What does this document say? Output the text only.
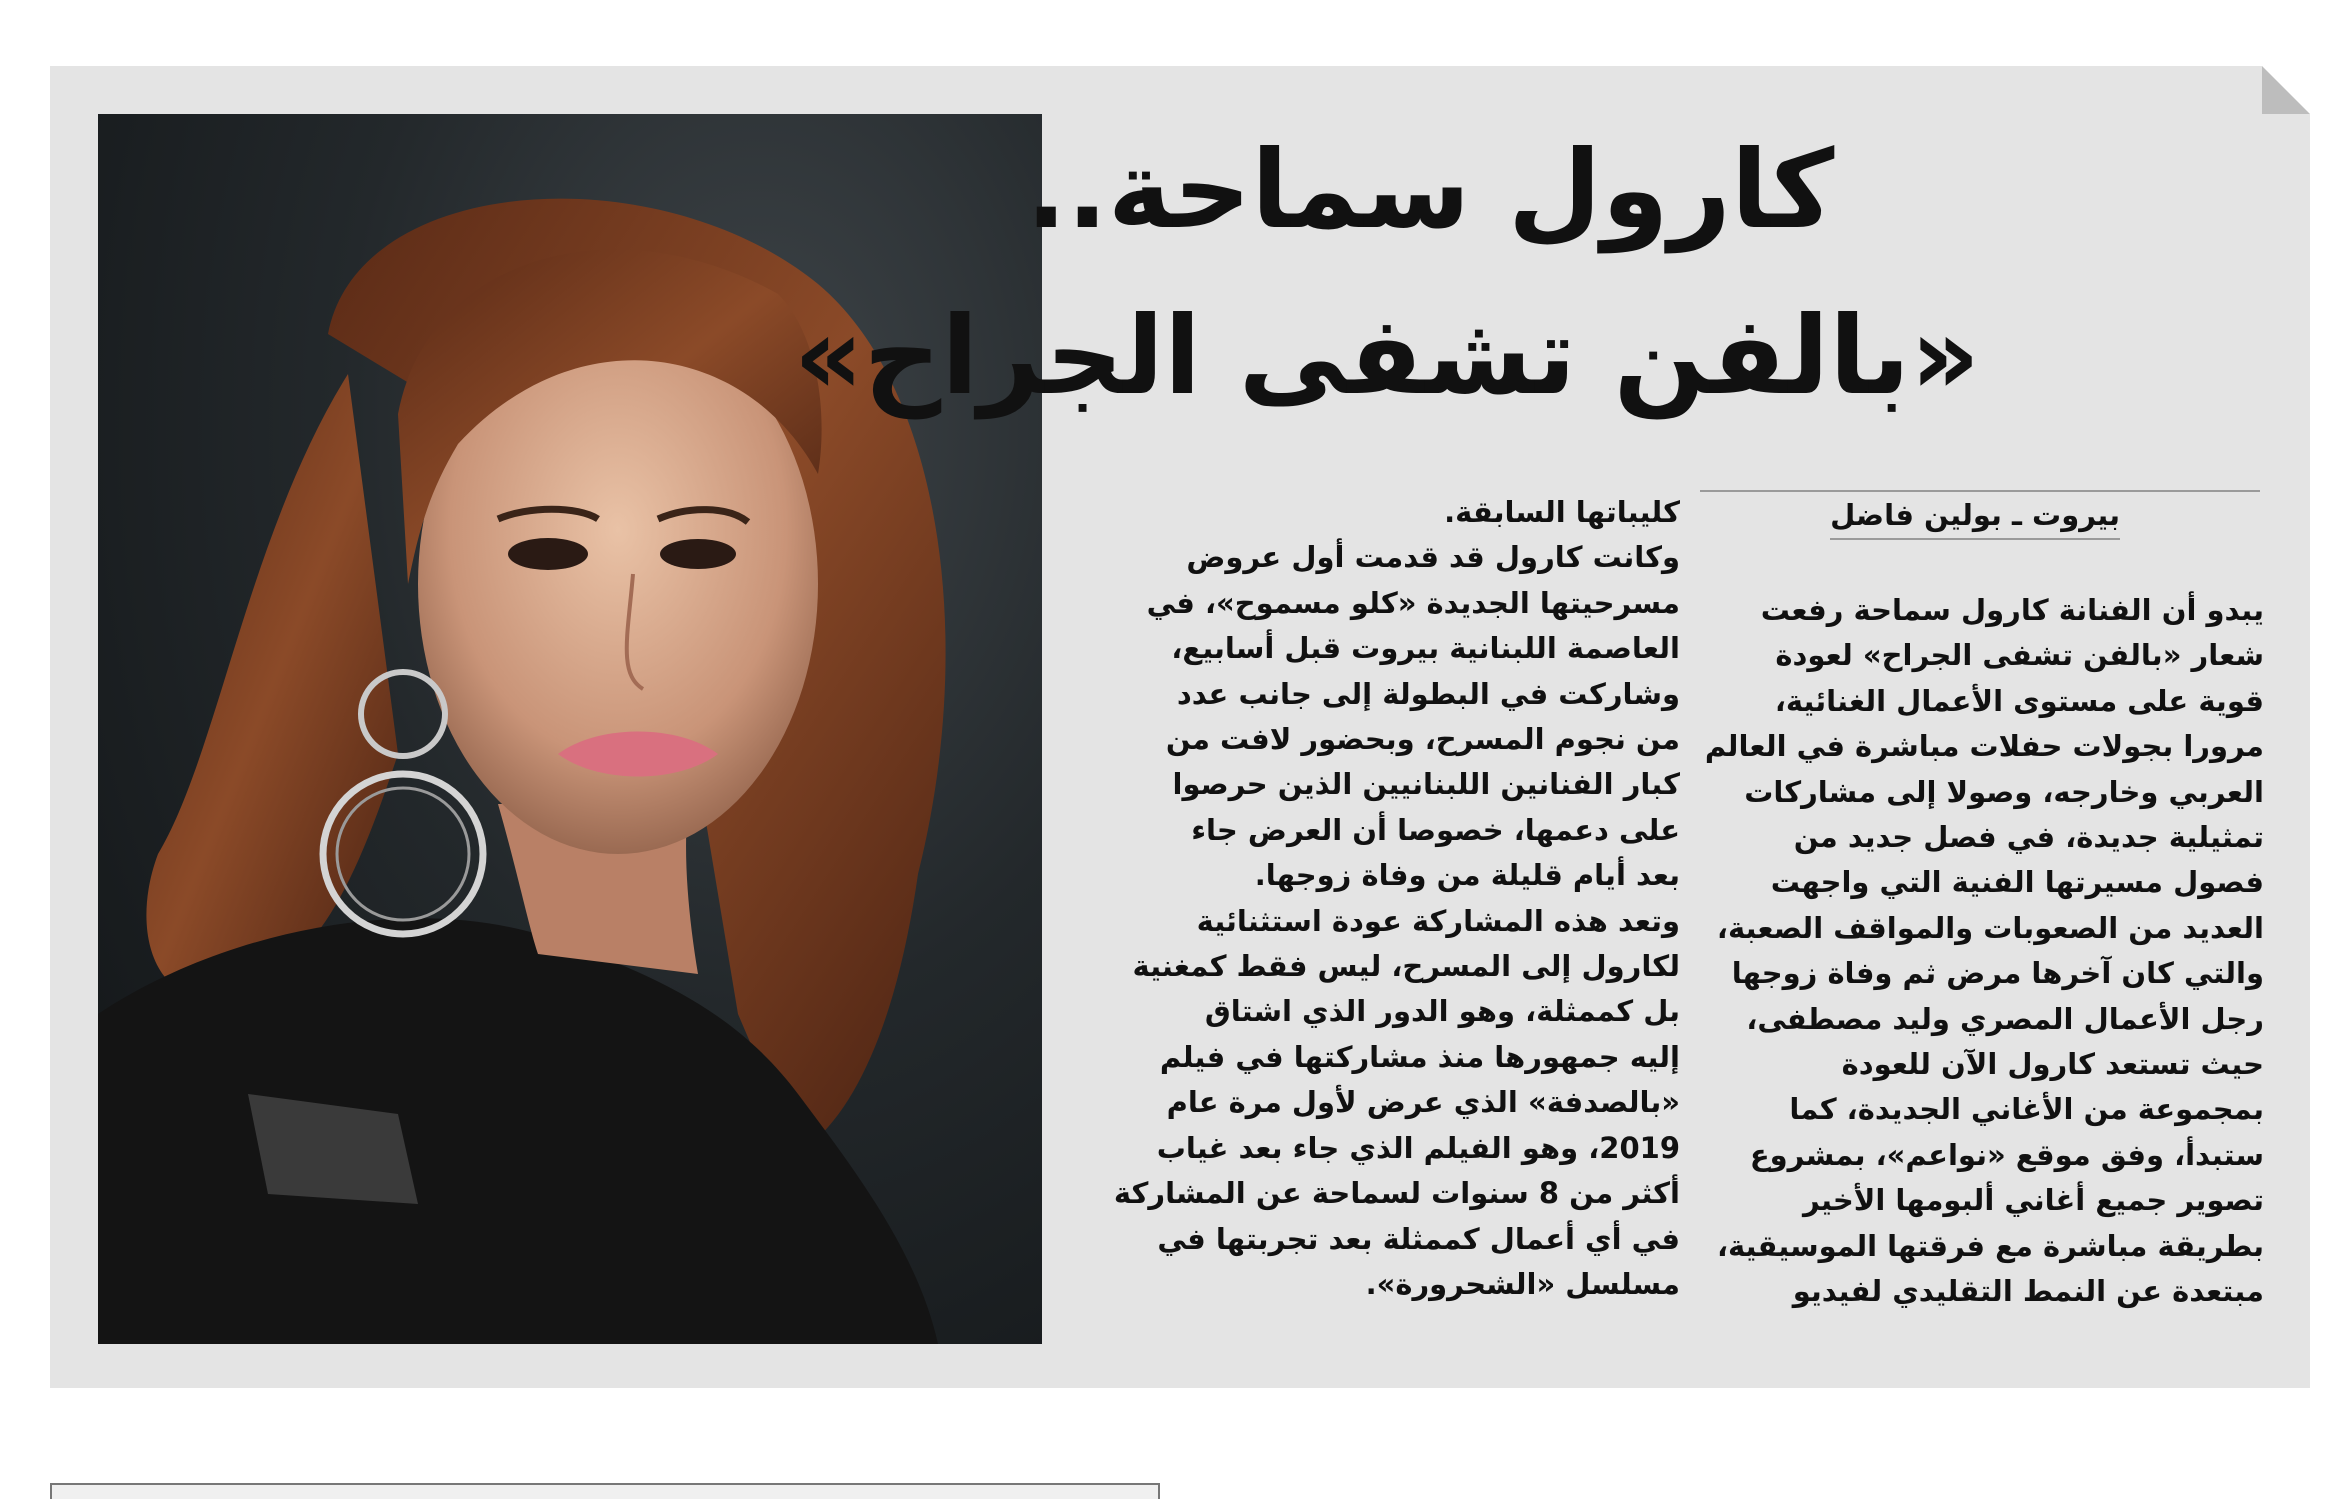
كارول سماحة..
«بالفن تشفى الجراح»
بيروت ـ بولين فاضل
يبدو أن الفنانة كارول سماحة رفعت
شعار «بالفن تشفى الجراح» لعودة
قوية على مستوى الأعمال الغنائية،
مرورا بجولات حفلات مباشرة في العالم
العربي وخارجه، وصولا إلى مشاركات
تمثيلية جديدة، في فصل جديد من
فصول مسيرتها الفنية التي واجهت
العديد من الصعوبات والمواقف الصعبة،
والتي كان آخرها مرض ثم وفاة زوجها
رجل الأعمال المصري وليد مصطفى،
حيث تستعد كارول الآن للعودة
بمجموعة من الأغاني الجديدة، كما
ستبدأ، وفق موقع «نواعم»، بمشروع
تصوير جميع أغاني ألبومها الأخير
بطريقة مباشرة مع فرقتها الموسيقية،
مبتعدة عن النمط التقليدي لفيديو
كليباتها السابقة.
وكانت كارول قد قدمت أول عروض
مسرحيتها الجديدة «كلو مسموح»، في
العاصمة اللبنانية بيروت قبل أسابيع،
وشاركت في البطولة إلى جانب عدد
من نجوم المسرح، وبحضور لافت من
كبار الفنانين اللبنانيين الذين حرصوا
على دعمها، خصوصا أن العرض جاء
بعد أيام قليلة من وفاة زوجها.
وتعد هذه المشاركة عودة استثنائية
لكارول إلى المسرح، ليس فقط كمغنية
بل كممثلة، وهو الدور الذي اشتاق
إليه جمهورها منذ مشاركتها في فيلم
«بالصدفة» الذي عرض لأول مرة عام
2019، وهو الفيلم الذي جاء بعد غياب
أكثر من 8 سنوات لسماحة عن المشاركة
في أي أعمال كممثلة بعد تجربتها في
مسلسل «الشحرورة».
